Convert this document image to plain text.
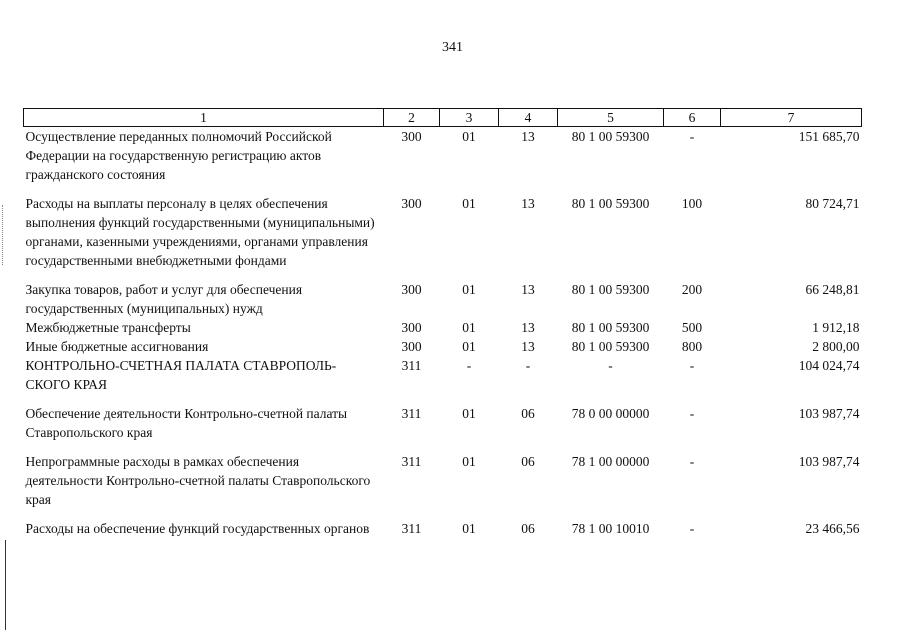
341
1	2	3	4	5	6	7
Осуществление переданных полномочий Российской Федерации на государственную регистрацию актов гражданского состояния	300	01	13	80 1 00 59300	-	151 685,70
Расходы на выплаты персоналу в целях обеспечения выполнения функций государственными (муниципальными) органами, казенными учреждениями, органами управления государственными внебюджетными фондами	300	01	13	80 1 00 59300	100	80 724,71
Закупка товаров, работ и услуг для обеспечения государственных (муниципальных) нужд	300	01	13	80 1 00 59300	200	66 248,81
Межбюджетные трансферты	300	01	13	80 1 00 59300	500	1 912,18
Иные бюджетные ассигнования	300	01	13	80 1 00 59300	800	2 800,00
КОНТРОЛЬНО-СЧЕТНАЯ ПАЛАТА СТАВРОПОЛЬ-СКОГО КРАЯ	311	-	-	-	-	104 024,74
Обеспечение деятельности Контрольно-счетной палаты Ставропольского края	311	01	06	78 0 00 00000	-	103 987,74
Непрограммные расходы в рамках обеспечения деятельности Контрольно-счетной палаты Ставропольского края	311	01	06	78 1 00 00000	-	103 987,74
Расходы на обеспечение функций государственных органов	311	01	06	78 1 00 10010	-	23 466,56
